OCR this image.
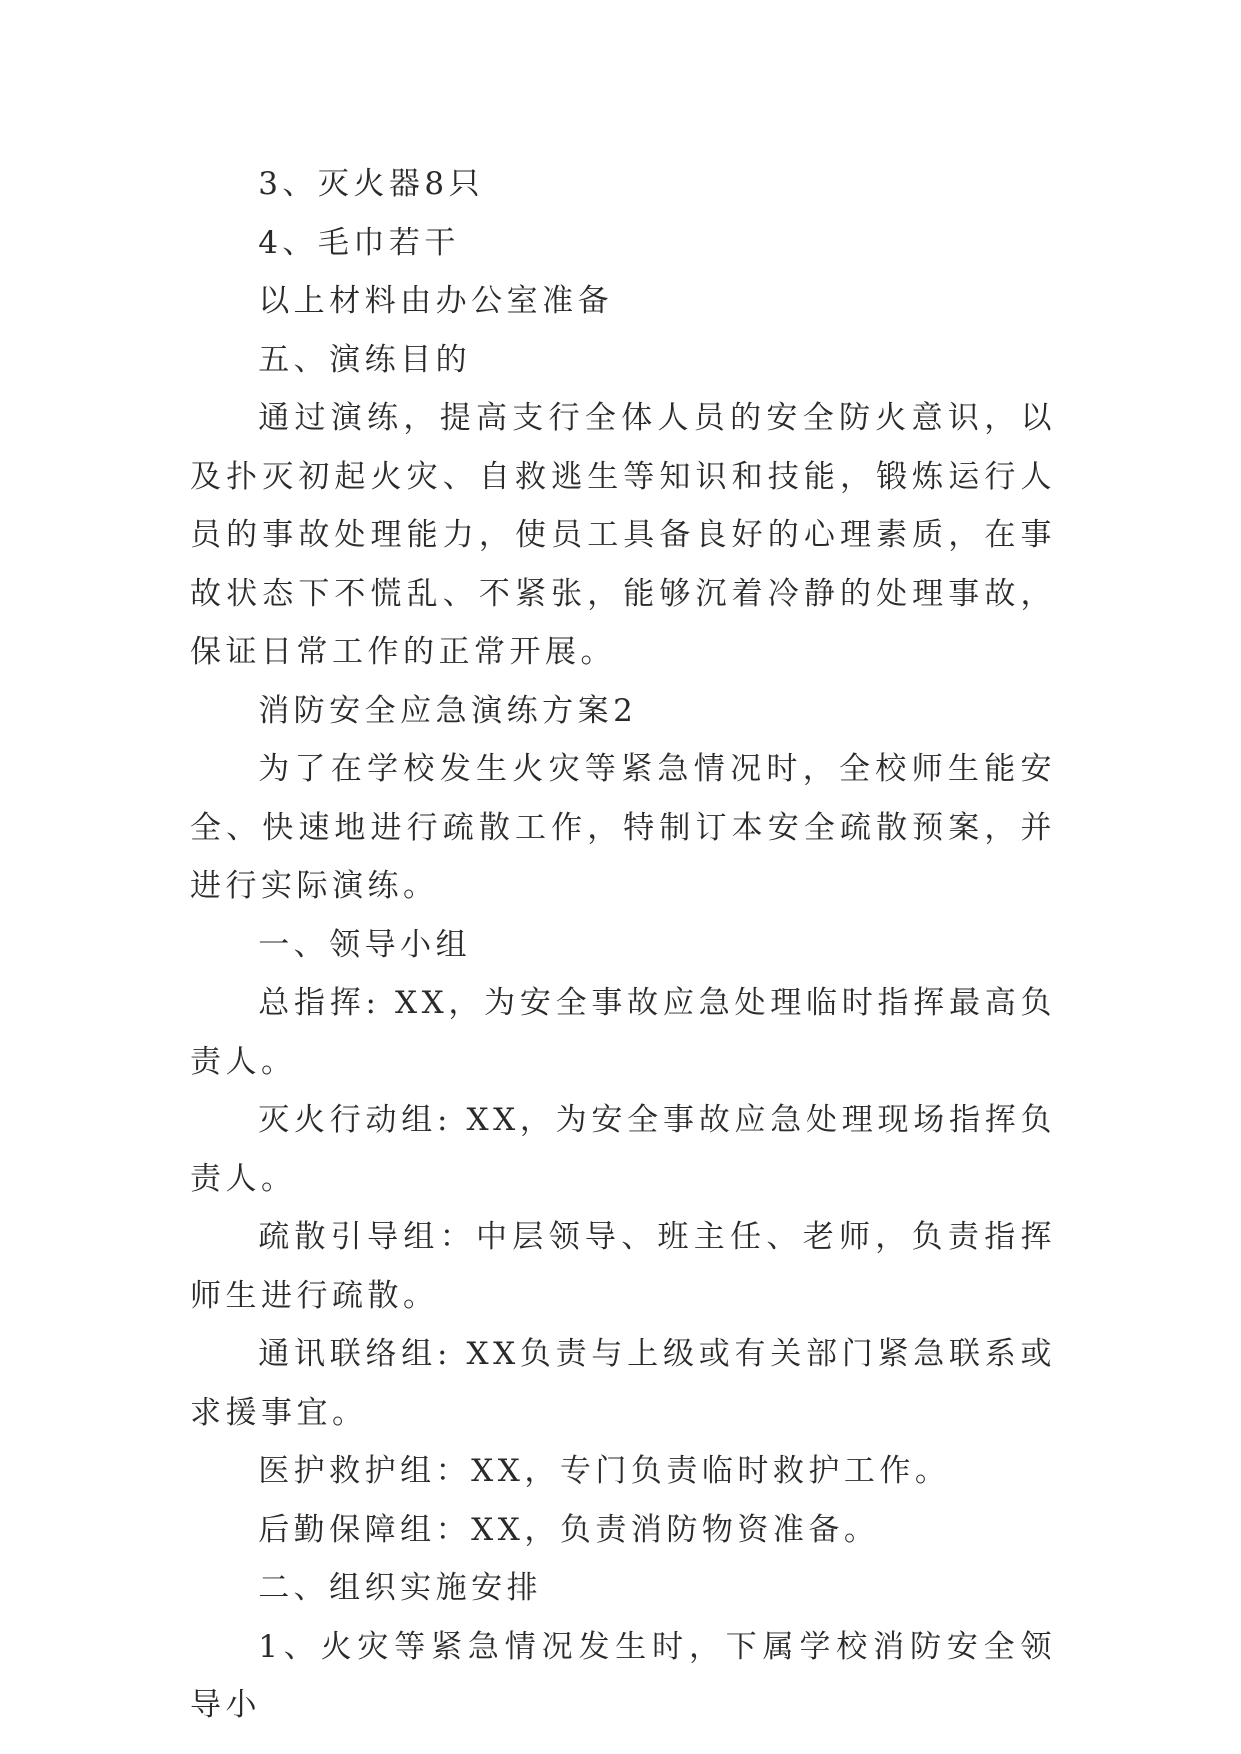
3、灭火器8只

4、毛巾若干

以上材料由办公室准备

五、演练目的

通过演练，提高支行全体人员的安全防火意识，以及扑灭初起火灾、自救逃生等知识和技能，锻炼运行人员的事故处理能力，使员工具备良好的心理素质，在事故状态下不慌乱、不紧张，能够沉着冷静的处理事故，保证日常工作的正常开展。

消防安全应急演练方案2

为了在学校发生火灾等紧急情况时，全校师生能安全、快速地进行疏散工作，特制订本安全疏散预案，并进行实际演练。

一、领导小组

总指挥: XX，为安全事故应急处理临时指挥最高负责人。

灭火行动组: XX，为安全事故应急处理现场指挥负责人。

疏散引导组：中层领导、班主任、老师，负责指挥师生进行疏散。

通讯联络组: XX负责与上级或有关部门紧急联系或求援事宜。

医护救护组：XX，专门负责临时救护工作。

后勤保障组：XX，负责消防物资准备。

二、组织实施安排

1、火灾等紧急情况发生时，下属学校消防安全领导小
